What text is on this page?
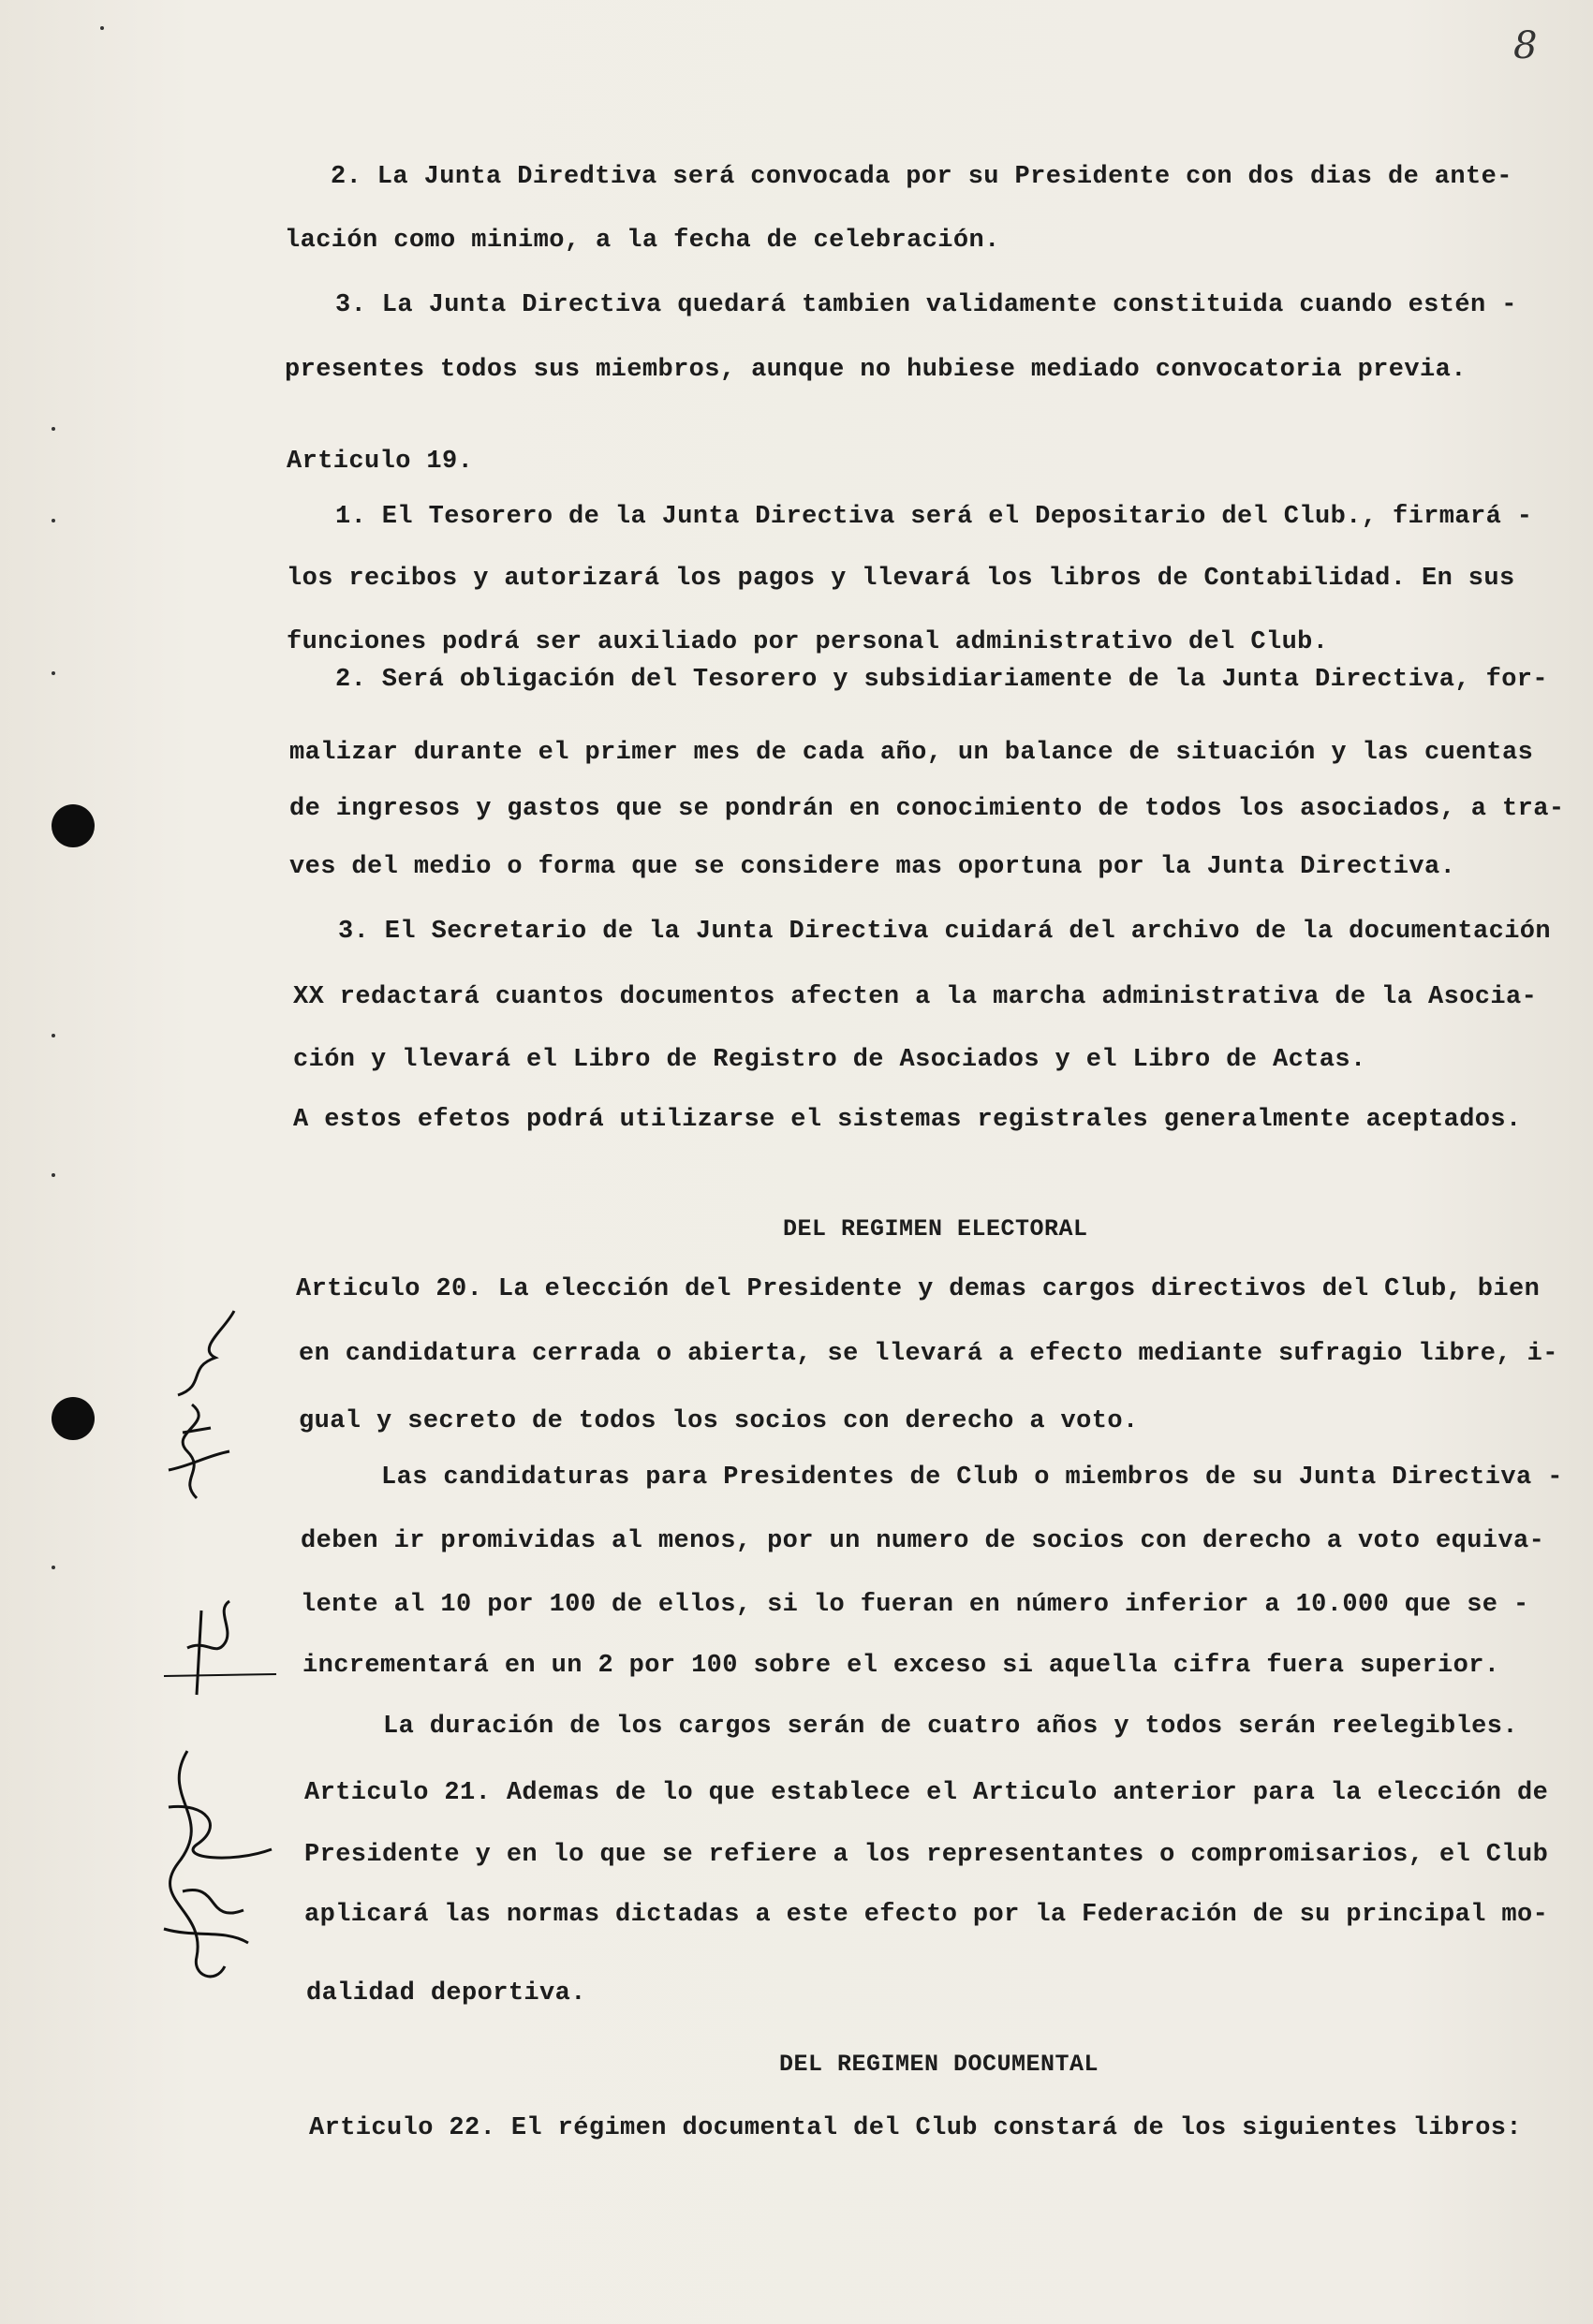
8
2. La Junta Diredtiva será convocada por su Presidente con dos dias de ante-
lación como minimo, a la fecha de celebración.
3. La Junta Directiva quedará tambien validamente constituida cuando estén -
presentes todos sus miembros, aunque no hubiese mediado convocatoria previa.
Articulo 19.
1. El Tesorero de la Junta Directiva será el Depositario del Club., firmará -
los recibos y autorizará los pagos y llevará los libros de Contabilidad. En sus
funciones podrá ser auxiliado por personal administrativo del Club.
2. Será obligación del Tesorero y subsidiariamente de la Junta Directiva, for-
malizar durante el primer mes de cada año, un balance de situación y las cuentas
de ingresos y gastos que se pondrán en conocimiento de todos los asociados, a tra-
ves del medio o forma que se considere mas oportuna por la Junta Directiva.
3. El Secretario de la Junta Directiva cuidará del archivo de la documentación
XX redactará cuantos documentos afecten a la marcha administrativa de la Asocia-
ción y llevará el Libro de Registro de Asociados y el Libro de Actas.
A estos efetos podrá utilizarse el sistemas registrales generalmente aceptados.
DEL REGIMEN ELECTORAL
Articulo 20. La elección del Presidente y demas cargos directivos del Club, bien
en candidatura cerrada o abierta, se llevará a efecto mediante sufragio libre, i-
gual y secreto de todos los socios con derecho a voto.
Las candidaturas para Presidentes de Club o miembros de su Junta Directiva -
deben ir promividas al menos, por un numero de socios con derecho a voto equiva-
lente al 10 por 100 de ellos, si lo fueran en número inferior a 10.000 que se -
incrementará en un 2 por 100 sobre el exceso si aquella cifra fuera superior.
La duración de los cargos serán de cuatro años y todos serán reelegibles.
Articulo 21. Ademas de lo que establece el Articulo anterior para la elección de
Presidente y en lo que se refiere a los representantes o compromisarios, el Club
aplicará las normas dictadas a este efecto por la Federación de su principal mo-
dalidad deportiva.
DEL REGIMEN DOCUMENTAL
Articulo 22. El régimen documental del Club constará de los siguientes libros:
